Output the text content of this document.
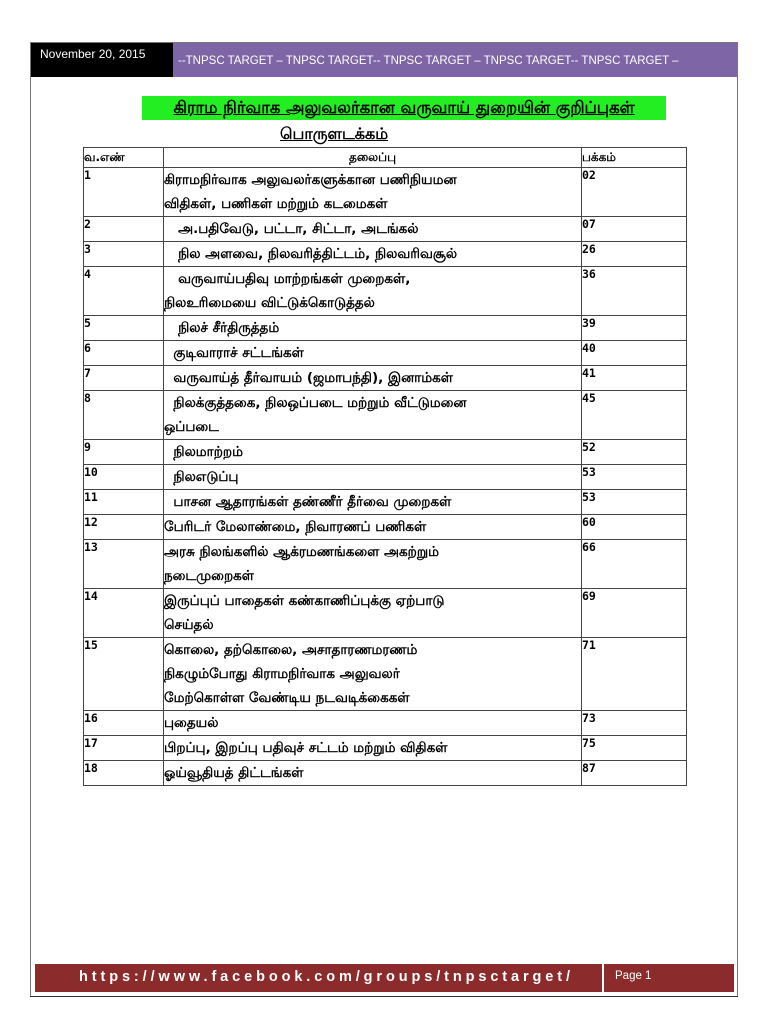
November 20, 2015	--TNPSC TARGET – TNPSC TARGET-- TNPSC TARGET – TNPSC TARGET-- TNPSC TARGET –
கிராம நிர்வாக அலுவலர்கான வருவாய் துறையின் குறிப்புகள்
பொருளடக்கம்
வ.எண்	தலைப்பு	பக்கம்
1	கிராமநிர்வாக அலுவலர்களுக்கான பணிநியமன
விதிகள், பணிகள் மற்றும் கடமைகள்	02
2	அ.பதிவேடு, பட்டா, சிட்டா, அடங்கல்	07
3	நில அளவை, நிலவரித்திட்டம், நிலவரிவசூல்	26
4	வருவாய்பதிவு மாற்றங்கள் முறைகள்,
நிலஉரிமையை விட்டுக்கொடுத்தல்	36
5	நிலச் சீர்திருத்தம்	39
6	குடிவாராச் சட்டங்கள்	40
7	வருவாய்த் தீர்வாயம் (ஜமாபந்தி), இனாம்கள்	41
8	நிலக்குத்தகை, நிலஒப்படை மற்றும் வீட்டுமனை
ஒப்படை	45
9	நிலமாற்றம்	52
10	நிலஎடுப்பு	53
11	பாசன ஆதாரங்கள் தண்ணீர் தீர்வை முறைகள்	53
12	பேரிடர் மேலாண்மை, நிவாரணப் பணிகள்	60
13	அரசு நிலங்களில் ஆக்ரமணங்களை அகற்றும்
நடைமுறைகள்	66
14	இருப்புப் பாதைகள் கண்காணிப்புக்கு ஏற்பாடு
செய்தல்	69
15	கொலை, தற்கொலை, அசாதாரணமரணம்
நிகழும்போது கிராமநிர்வாக அலுவலர்
மேற்கொள்ள வேண்டிய நடவடிக்கைகள்	71
16	புதையல்	73
17	பிறப்பு, இறப்பு பதிவுச் சட்டம் மற்றும் விதிகள்	75
18	ஓய்வூதியத் திட்டங்கள்	87
https://www.facebook.com/groups/tnpsctarget/	Page 1
